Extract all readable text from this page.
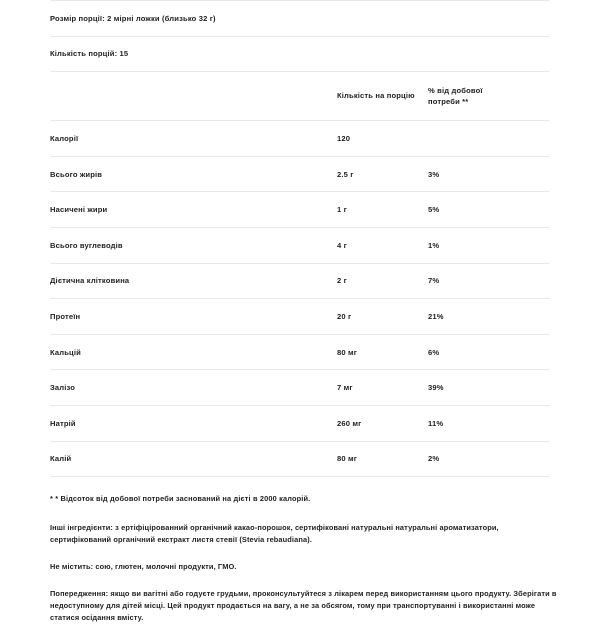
Розмір порції: 2 мірні ложки (близько 32 г)		
Кількість порцій: 15		

	Кількість на порцію	% від добової
потреби **

Калорії	120	
Всього жирів	2.5 г	3%
Насичені жири	1 г	5%
Всього вуглеводів	4 г	1%
Дієтична клітковина	2 г	7%
Протеїн	20 г	21%
Кальцій	80 мг	6%
Залізо	7 мг	39%
Натрій	260 мг	11%
Калій	80 мг	2%

* * Відсоток від добової потреби заснований на дієті в 2000 калорій.

Інші інгредієнти: з ертіфіцірованний органічний какао-порошок, сертифіковані натуральні натуральні ароматизатори, сертифікований органічний екстракт листя стевії (Stevia rebaudiana).

Не містить: сою, глютен, молочні продукти, ГМО.

Попередження: якщо ви вагітні або годуєте грудьми, проконсультуйтеся з лікарем перед використанням цього продукту. Зберігати в недоступному для дітей місці. Цей продукт продається на вагу, а не за обсягом, тому при транспортуванні і використанні може статися осідання вмісту.
